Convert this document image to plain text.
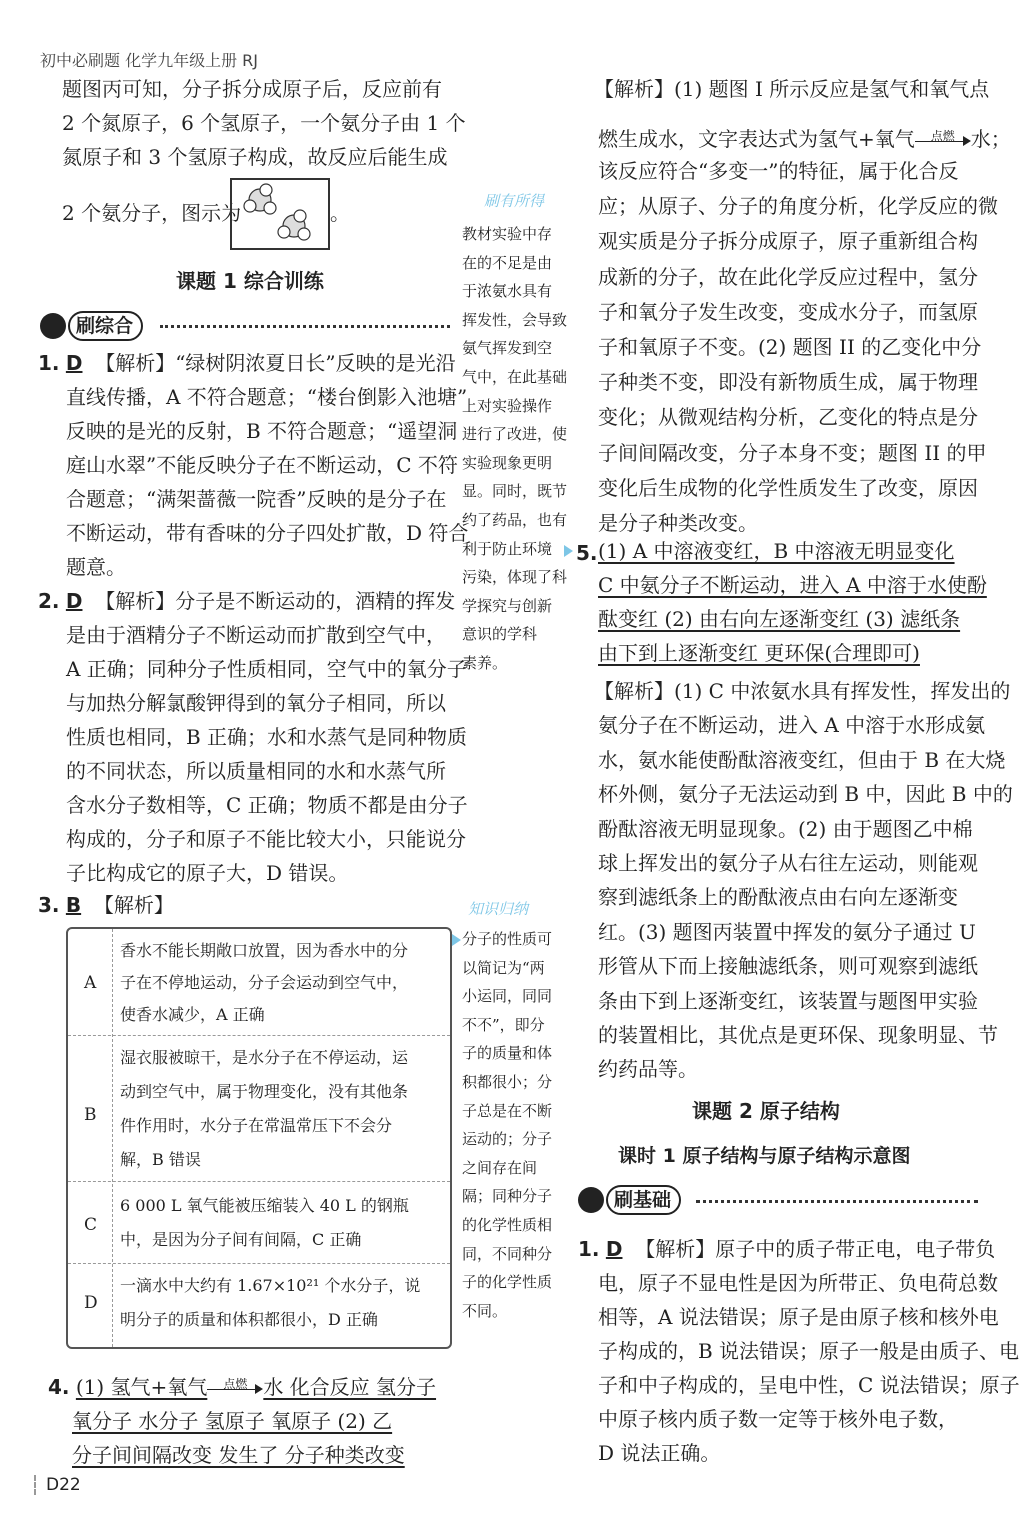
初中必刷题 化学九年级上册 RJ
题图丙可知，分子拆分成原子后，反应前有
2 个氮原子，6 个氢原子，一个氨分子由 1 个
氮原子和 3 个氢原子构成，故反应后能生成
2 个氨分子，图示为	。
课题 1 综合训练
刷综合
1. D 【解析】“绿树阴浓夏日长”反映的是光沿
直线传播，A 不符合题意；“楼台倒影入池塘”
反映的是光的反射，B 不符合题意；“遥望洞
庭山水翠”不能反映分子在不断运动，C 不符
合题意；“满架蔷薇一院香”反映的是分子在
不断运动，带有香味的分子四处扩散，D 符合
题意。
2. D 【解析】分子是不断运动的，酒精的挥发
是由于酒精分子不断运动而扩散到空气中，
A 正确；同种分子性质相同，空气中的氧分子
与加热分解氯酸钾得到的氧分子相同，所以
性质也相同，B 正确；水和水蒸气是同种物质
的不同状态，所以质量相同的水和水蒸气所
含水分子数相等，C 正确；物质不都是由分子
构成的，分子和原子不能比较大小，只能说分
子比构成它的原子大，D 错误。
3. B 【解析】
A
香水不能长期敞口放置，因为香水中的分
子在不停地运动，分子会运动到空气中，
使香水减少，A 正确
B
湿衣服被晾干，是水分子在不停运动，运
动到空气中，属于物理变化，没有其他条
件作用时，水分子在常温常压下不会分
解，B 错误
C
6 000 L 氧气能被压缩装入 40 L 的钢瓶
中，是因为分子间有间隔，C 正确
D
一滴水中大约有 1.67×10²¹ 个水分子，说
明分子的质量和体积都很小，D 正确
4. (1) 氢气+氧气	点燃 水 化合反应 氢分子
氧分子 水分子 氢原子 氧原子 (2) 乙
分子间间隔改变 发生了 分子种类改变
D22
刷有所得
教材实验中存
在的不足是由
于浓氨水具有
挥发性，会导致
氨气挥发到空
气中，在此基础
上对实验操作
进行了改进，使
实验现象更明
显。同时，既节
约了药品，也有
利于防止环境
污染，体现了科
学探究与创新
意识的学科
素养。
知识归纳
分子的性质可
以简记为“两
小运同，同同
不不”，即分
子的质量和体
积都很小；分
子总是在不断
运动的；分子
之间存在间
隔；同种分子
的化学性质相
同，不同种分
子的化学性质
不同。
【解析】(1) 题图 I 所示反应是氢气和氧气点
燃生成水，文字表达式为氢气+氧气	点燃 水；
该反应符合“多变一”的特征，属于化合反
应；从原子、分子的角度分析，化学反应的微
观实质是分子拆分成原子，原子重新组合构
成新的分子，故在此化学反应过程中，氢分
子和氧分子发生改变，变成水分子，而氢原
子和氧原子不变。(2) 题图 II 的乙变化中分
子种类不变，即没有新物质生成，属于物理
变化；从微观结构分析，乙变化的特点是分
子间间隔改变，分子本身不变；题图 II 的甲
变化后生成物的化学性质发生了改变，原因
是分子种类改变。
5. (1) A 中溶液变红，B 中溶液无明显变化
C 中氨分子不断运动，进入 A 中溶于水使酚
酞变红 (2) 由右向左逐渐变红 (3) 滤纸条
由下到上逐渐变红 更环保(合理即可)
【解析】(1) C 中浓氨水具有挥发性，挥发出的
氨分子在不断运动，进入 A 中溶于水形成氨
水，氨水能使酚酞溶液变红，但由于 B 在大烧
杯外侧，氨分子无法运动到 B 中，因此 B 中的
酚酞溶液无明显现象。(2) 由于题图乙中棉
球上挥发出的氨分子从右往左运动，则能观
察到滤纸条上的酚酞液点由右向左逐渐变
红。(3) 题图丙装置中挥发的氨分子通过 U
形管从下而上接触滤纸条，则可观察到滤纸
条由下到上逐渐变红，该装置与题图甲实验
的装置相比，其优点是更环保、现象明显、节
约药品等。
课题 2 原子结构
课时 1 原子结构与原子结构示意图
刷基础
1. D 【解析】原子中的质子带正电，电子带负
电，原子不显电性是因为所带正、负电荷总数
相等，A 说法错误；原子是由原子核和核外电
子构成的，B 说法错误；原子一般是由质子、电
子和中子构成的，呈电中性，C 说法错误；原子
中原子核内质子数一定等于核外电子数，
D 说法正确。
